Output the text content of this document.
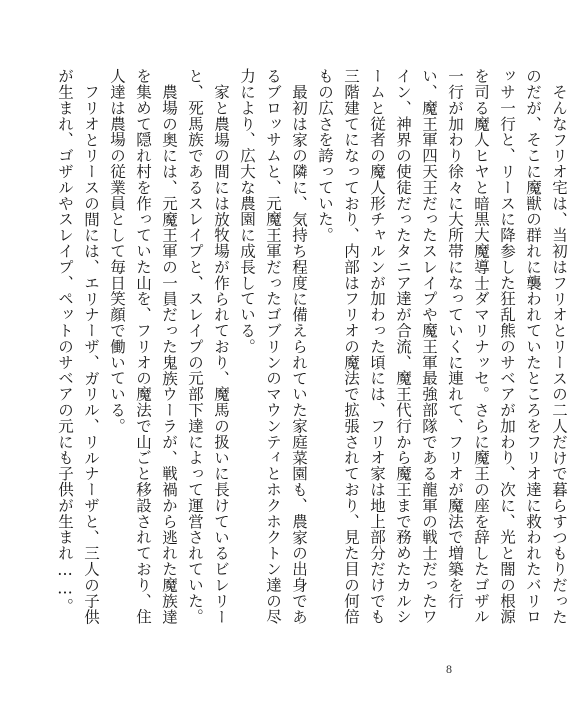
そんなフリオ宅は、当初はフリオとリースの二人だけで暮らすつもりだったのだが、そこに魔獣の群れに襲われていたところをフリオ達に救われたバリロッサ一行と、リースに降参した狂乱熊のサベアが加わり、次に、光と闇の根源を司る魔人ヒヤと暗黒大魔導士ダマリナッセ。さらに魔王の座を辞したゴザル一行が加わり徐々に大所帯になっていくに連れて、フリオが魔法で増築を行い、魔王軍四天王だったスレイプや魔王軍最強部隊である龍軍の戦士だったワイン、神界の使徒だったタニア達が合流、魔王代行から魔王まで務めたカルシームと従者の魔人形チャルンが加わった頃には、フリオ家は地上部分だけでも三階建てになっており、内部はフリオの魔法で拡張されており、見た目の何倍もの広さを誇っていた。

最初は家の隣に、気持ち程度に備えられていた家庭菜園も、農家の出身であるブロッサムと、元魔王軍だったゴブリンのマウンティとホクホクトン達の尽力により、広大な農園に成長している。

家と農場の間には放牧場が作られており、魔馬の扱いに長けているビレリーと、死馬族であるスレイプと、スレイプの元部下達によって運営されていた。

農場の奥には、元魔王軍の一員だった鬼族ウーラが、戦禍から逃れた魔族達を集めて隠れ村を作っていた山を、フリオの魔法で山ごと移設されており、住人達は農場の従業員として毎日笑顔で働いている。

フリオとリースの間には、エリナーザ、ガリル、リルナーザと、三人の子供が生まれ、ゴザルやスレイプ、ペットのサベアの元にも子供が生まれ……。

8
